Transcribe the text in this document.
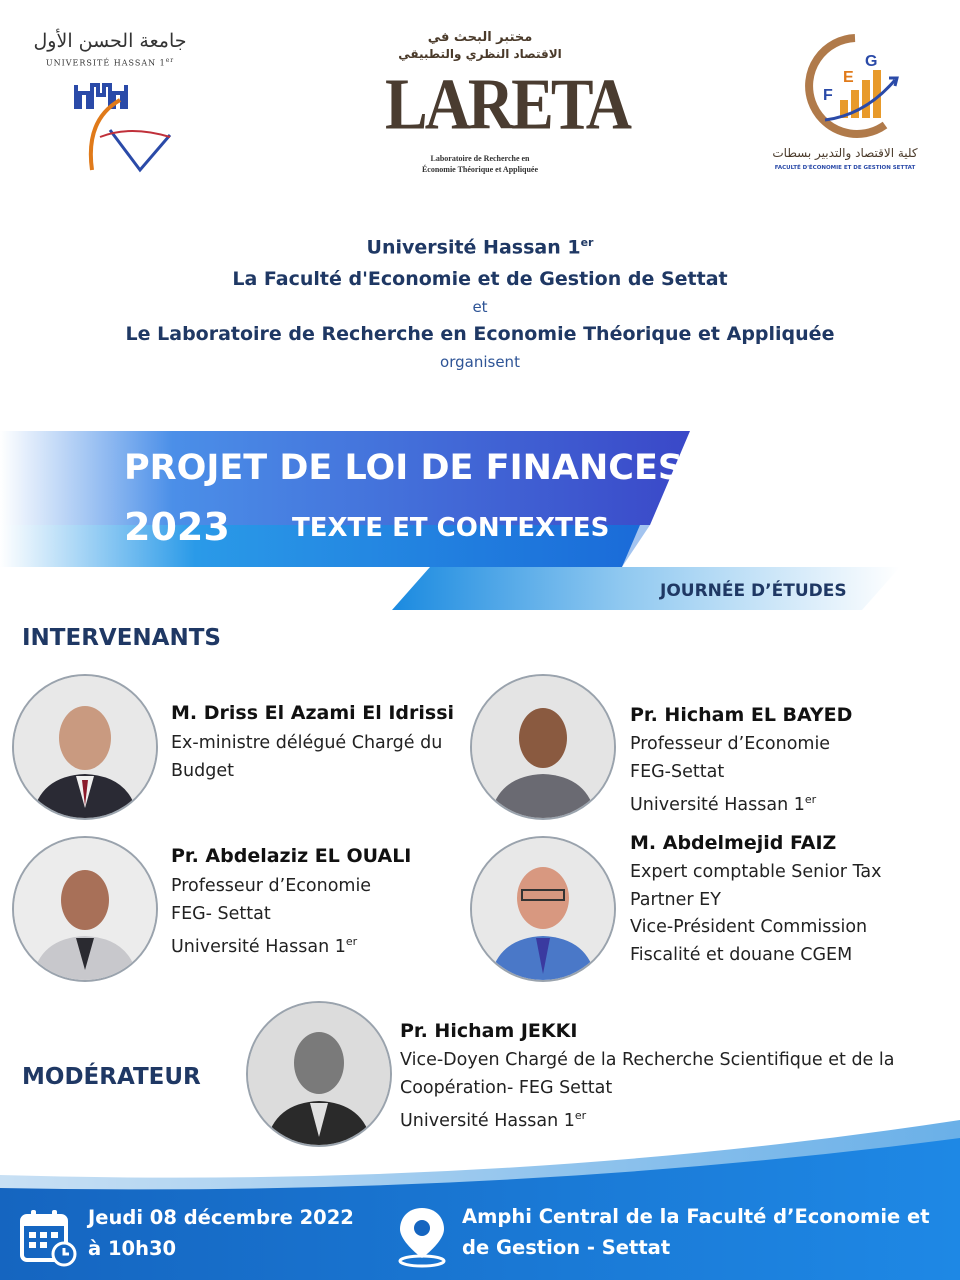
جامعة الحسن الأول
UNIVERSITÉ HASSAN 1er
مختبر البحث في
الاقتصاد النظري والتطبيقي
LARETA
Laboratoire de Recherche en
Économie Théorique et Appliquée
F
E
G
كلية الاقتصاد والتدبير بسطات
FACULTÉ D'ÉCONOMIE ET DE GESTION SETTAT
Université Hassan 1er
La Faculté d'Economie et de Gestion de Settat
et
Le Laboratoire de Recherche en Economie Théorique et Appliquée
organisent
PROJET DE LOI DE FINANCES
2023 TEXTE ET CONTEXTES
JOURNÉE D’ÉTUDES
INTERVENANTS
M. Driss El Azami El Idrissi
Ex-ministre délégué Chargé du
Budget
Pr. Hicham EL BAYED
Professeur d’Economie
FEG-Settat
Université Hassan 1er
Pr. Abdelaziz EL OUALI
Professeur d’Economie
FEG- Settat
Université Hassan 1er
M. Abdelmejid FAIZ
Expert comptable Senior Tax
Partner EY
Vice-Président Commission
Fiscalité et douane CGEM
MODÉRATEUR
Pr. Hicham JEKKI
Vice-Doyen Chargé de la Recherche Scientifique et de la
Coopération- FEG Settat
Université Hassan 1er
Jeudi 08 décembre 2022
à 10h30
Amphi Central de la Faculté d’Economie et
de Gestion - Settat
